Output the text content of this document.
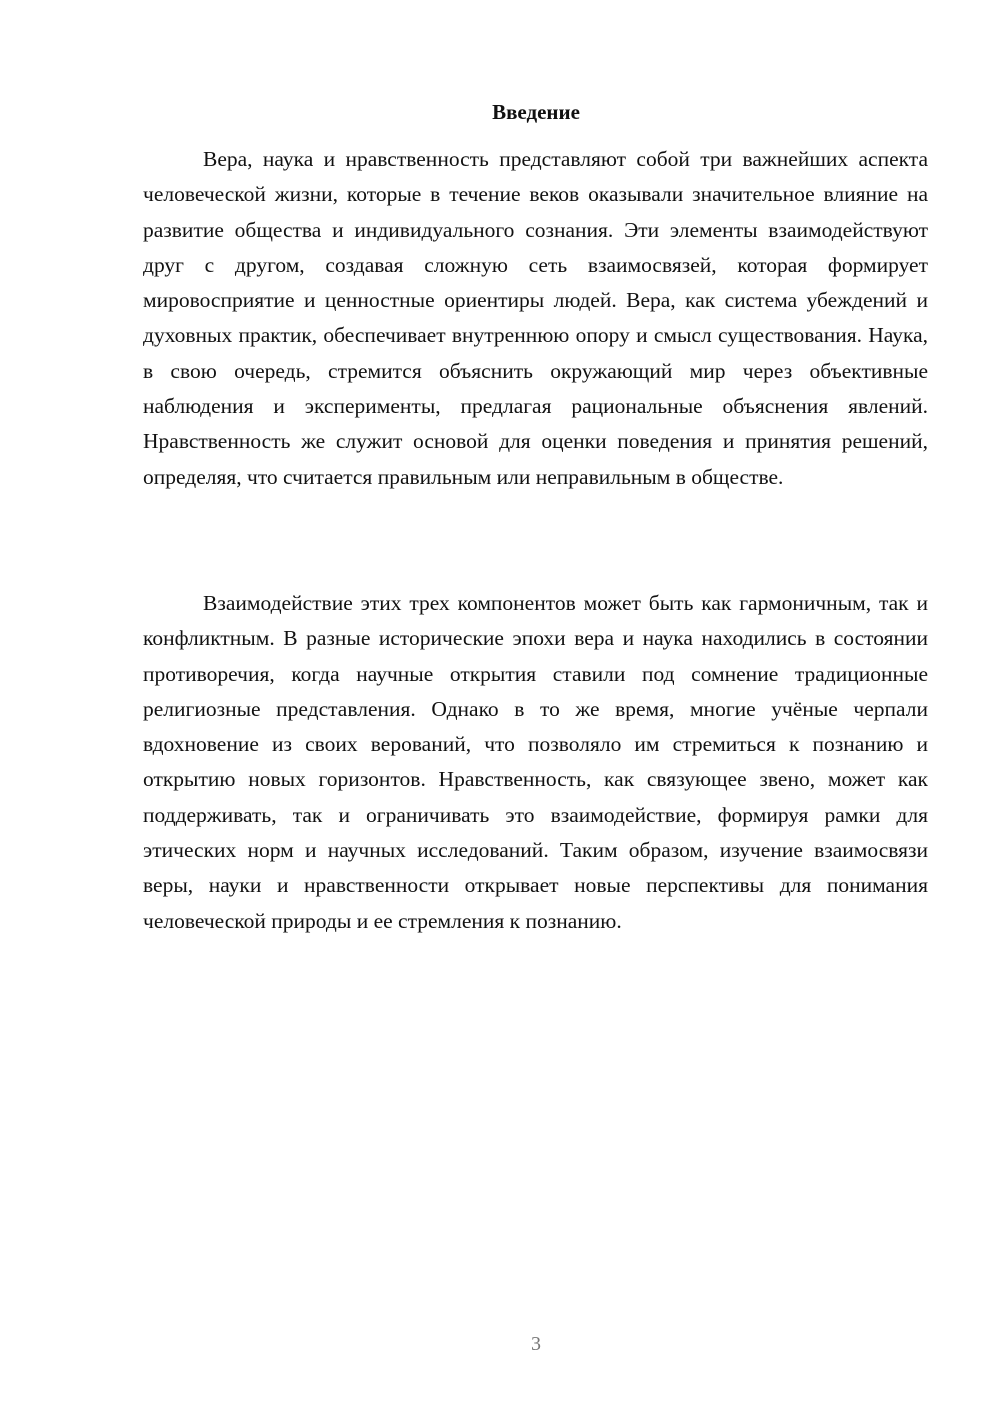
Введение

Вера, наука и нравственность представляют собой три важнейших аспекта человеческой жизни, которые в течение веков оказывали значительное влияние на развитие общества и индивидуального сознания. Эти элементы взаимодействуют друг с другом, создавая сложную сеть взаимосвязей, которая формирует мировосприятие и ценностные ориентиры людей. Вера, как система убеждений и духовных практик, обеспечивает внутреннюю опору и смысл существования. Наука, в свою очередь, стремится объяснить окружающий мир через объективные наблюдения и эксперименты, предлагая рациональные объяснения явлений. Нравственность же служит основой для оценки поведения и принятия решений, определяя, что считается правильным или неправильным в обществе.

Взаимодействие этих трех компонентов может быть как гармоничным, так и конфликтным. В разные исторические эпохи вера и наука находились в состоянии противоречия, когда научные открытия ставили под сомнение традиционные религиозные представления. Однако в то же время, многие учёные черпали вдохновение из своих верований, что позволяло им стремиться к познанию и открытию новых горизонтов. Нравственность, как связующее звено, может как поддерживать, так и ограничивать это взаимодействие, формируя рамки для этических норм и научных исследований. Таким образом, изучение взаимосвязи веры, науки и нравственности открывает новые перспективы для понимания человеческой природы и ее стремления к познанию.

3
